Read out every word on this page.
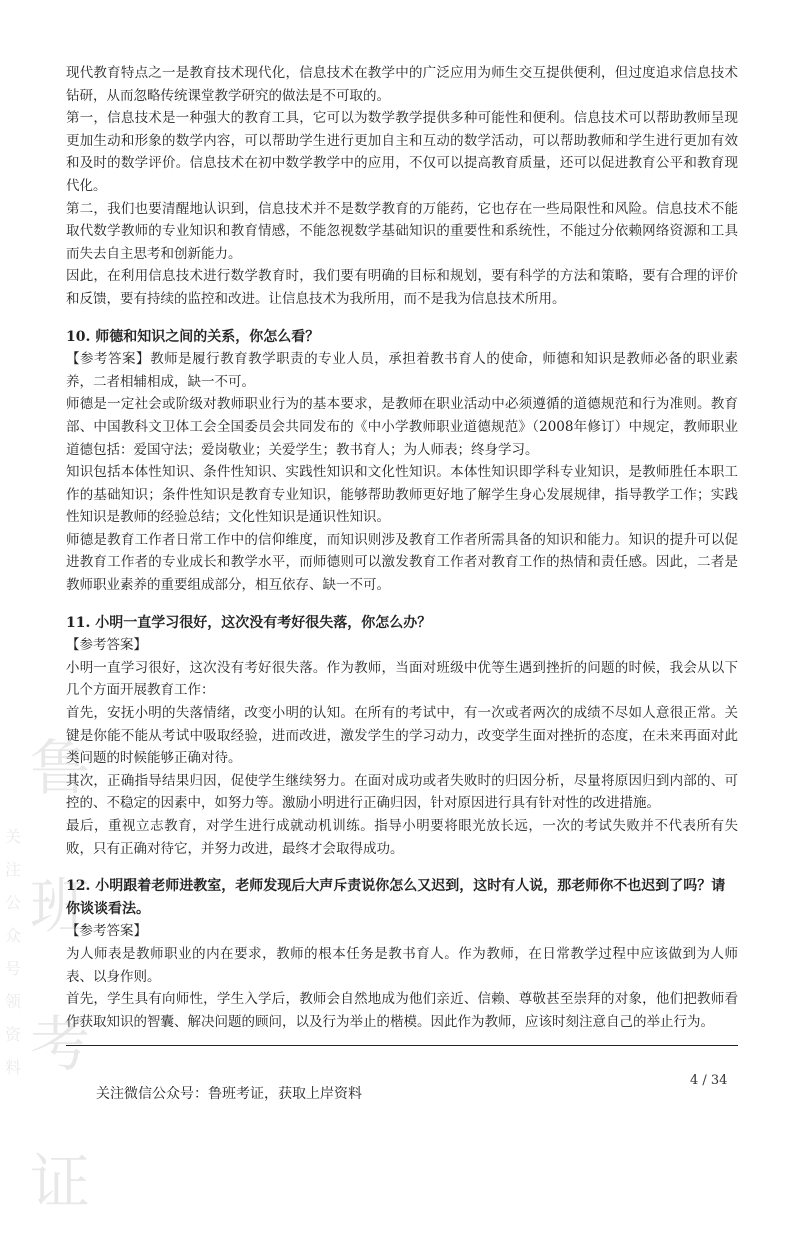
鲁班考证
关注公众号领资料

现代教育特点之一是教育技术现代化，信息技术在教学中的广泛应用为师生交互提供便利，但过度追求信息技术钻研，从而忽略传统课堂教学研究的做法是不可取的。

第一，信息技术是一种强大的教育工具，它可以为数学教学提供多种可能性和便利。信息技术可以帮助教师呈现更加生动和形象的数学内容，可以帮助学生进行更加自主和互动的数学活动，可以帮助教师和学生进行更加有效和及时的数学评价。信息技术在初中数学教学中的应用，不仅可以提高教育质量，还可以促进教育公平和教育现代化。

第二，我们也要清醒地认识到，信息技术并不是数学教育的万能药，它也存在一些局限性和风险。信息技术不能取代数学教师的专业知识和教育情感，不能忽视数学基础知识的重要性和系统性，不能过分依赖网络资源和工具而失去自主思考和创新能力。

因此，在利用信息技术进行数学教育时，我们要有明确的目标和规划，要有科学的方法和策略，要有合理的评价和反馈，要有持续的监控和改进。让信息技术为我所用，而不是我为信息技术所用。

10. 师德和知识之间的关系，你怎么看？

【参考答案】教师是履行教育教学职责的专业人员，承担着教书育人的使命，师德和知识是教师必备的职业素养，二者相辅相成，缺一不可。

师德是一定社会或阶级对教师职业行为的基本要求，是教师在职业活动中必须遵循的道德规范和行为准则。教育部、中国教科文卫体工会全国委员会共同发布的《中小学教师职业道德规范》（2008年修订）中规定，教师职业道德包括：爱国守法；爱岗敬业；关爱学生；教书育人；为人师表；终身学习。

知识包括本体性知识、条件性知识、实践性知识和文化性知识。本体性知识即学科专业知识，是教师胜任本职工作的基础知识；条件性知识是教育专业知识，能够帮助教师更好地了解学生身心发展规律，指导教学工作；实践性知识是教师的经验总结；文化性知识是通识性知识。

师德是教育工作者日常工作中的信仰维度，而知识则涉及教育工作者所需具备的知识和能力。知识的提升可以促进教育工作者的专业成长和教学水平，而师德则可以激发教育工作者对教育工作的热情和责任感。因此，二者是教师职业素养的重要组成部分，相互依存、缺一不可。

11. 小明一直学习很好，这次没有考好很失落，你怎么办？

【参考答案】

小明一直学习很好，这次没有考好很失落。作为教师，当面对班级中优等生遇到挫折的问题的时候，我会从以下几个方面开展教育工作：

首先，安抚小明的失落情绪，改变小明的认知。在所有的考试中，有一次或者两次的成绩不尽如人意很正常。关键是你能不能从考试中吸取经验，进而改进，激发学生的学习动力，改变学生面对挫折的态度，在未来再面对此类问题的时候能够正确对待。

其次，正确指导结果归因，促使学生继续努力。在面对成功或者失败时的归因分析，尽量将原因归到内部的、可控的、不稳定的因素中，如努力等。激励小明进行正确归因，针对原因进行具有针对性的改进措施。

最后，重视立志教育，对学生进行成就动机训练。指导小明要将眼光放长远，一次的考试失败并不代表所有失败，只有正确对待它，并努力改进，最终才会取得成功。

12. 小明跟着老师进教室，老师发现后大声斥责说你怎么又迟到，这时有人说，那老师你不也迟到了吗？请你谈谈看法。

【参考答案】

为人师表是教师职业的内在要求，教师的根本任务是教书育人。作为教师，在日常教学过程中应该做到为人师表、以身作则。

首先，学生具有向师性，学生入学后，教师会自然地成为他们亲近、信赖、尊敬甚至崇拜的对象，他们把教师看作获取知识的智囊、解决问题的顾问，以及行为举止的楷模。因此作为教师，应该时刻注意自己的举止行为。

关注微信公众号：鲁班考证，获取上岸资料
4 / 34
